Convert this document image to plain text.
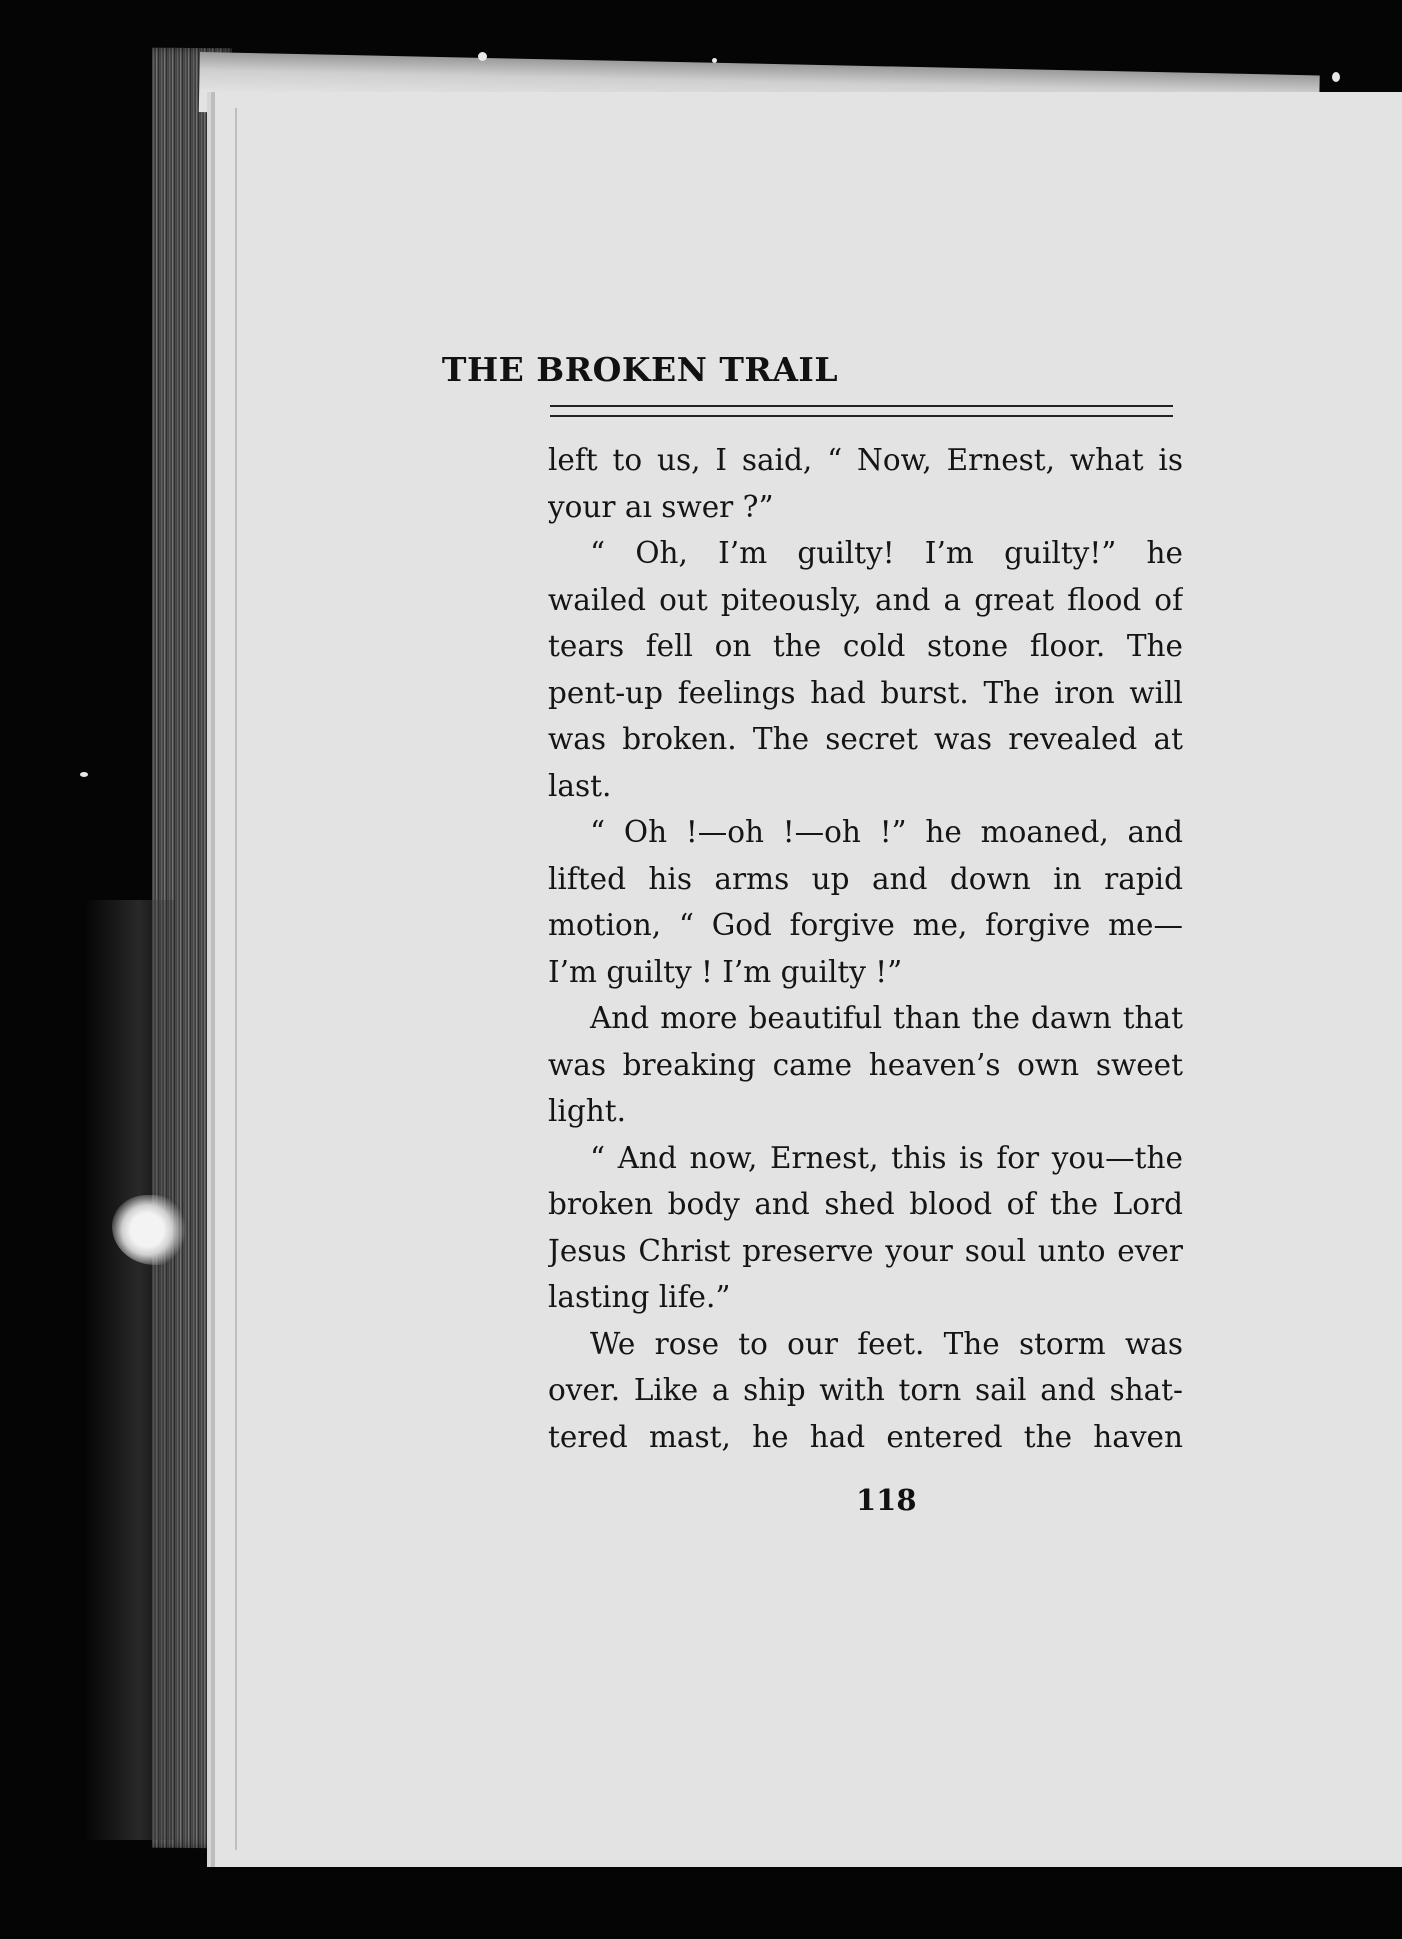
THE BROKEN TRAIL
left to us, I said, “ Now, Ernest, what is
your aı swer ?”
“ Oh, I’m guilty! I’m guilty!” he
wailed out piteously, and a great flood of
tears fell on the cold stone floor. The
pent-up feelings had burst. The iron will
was broken. The secret was revealed at
last.
“ Oh !—oh !—oh !” he moaned, and
lifted his arms up and down in rapid
motion, “ God forgive me, forgive me—
I’m guilty ! I’m guilty !”
And more beautiful than the dawn that
was breaking came heaven’s own sweet
light.
“ And now, Ernest, this is for you—the
broken body and shed blood of the Lord
Jesus Christ preserve your soul unto ever
lasting life.”
We rose to our feet. The storm was
over. Like a ship with torn sail and shat-
tered mast, he had entered the haven
118
